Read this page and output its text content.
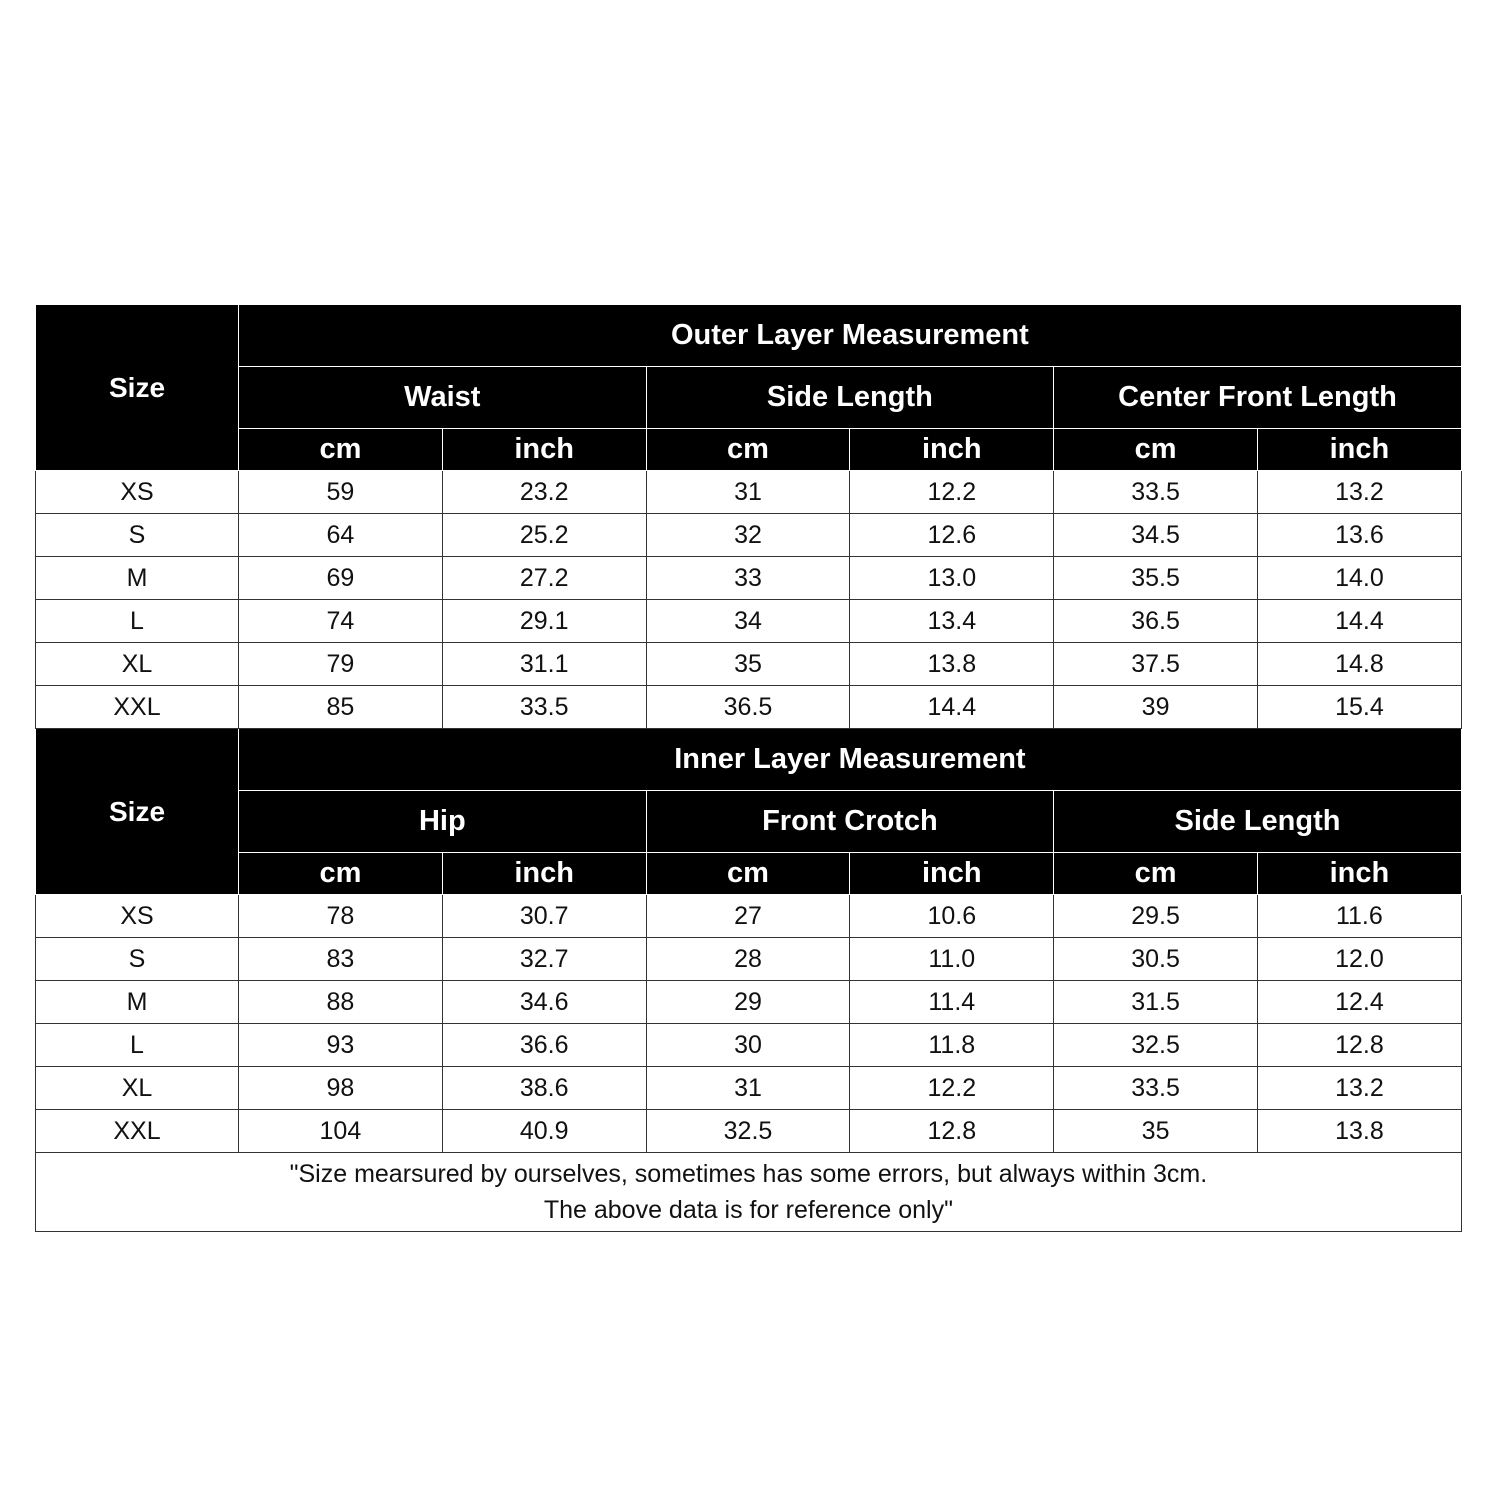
Size	Outer Layer Measurement					
	Waist		Side Length		Center Front Length	
	cm	inch	cm	inch	cm	inch
XS	59	23.2	31	12.2	33.5	13.2
S	64	25.2	32	12.6	34.5	13.6
M	69	27.2	33	13.0	35.5	14.0
L	74	29.1	34	13.4	36.5	14.4
XL	79	31.1	35	13.8	37.5	14.8
XXL	85	33.5	36.5	14.4	39	15.4
Size	Inner Layer Measurement					
	Hip		Front Crotch		Side Length	
	cm	inch	cm	inch	cm	inch
XS	78	30.7	27	10.6	29.5	11.6
S	83	32.7	28	11.0	30.5	12.0
M	88	34.6	29	11.4	31.5	12.4
L	93	36.6	30	11.8	32.5	12.8
XL	98	38.6	31	12.2	33.5	13.2
XXL	104	40.9	32.5	12.8	35	13.8

"Size mearsured by ourselves, sometimes has some errors, but always within 3cm.
The above data is for reference only"						
